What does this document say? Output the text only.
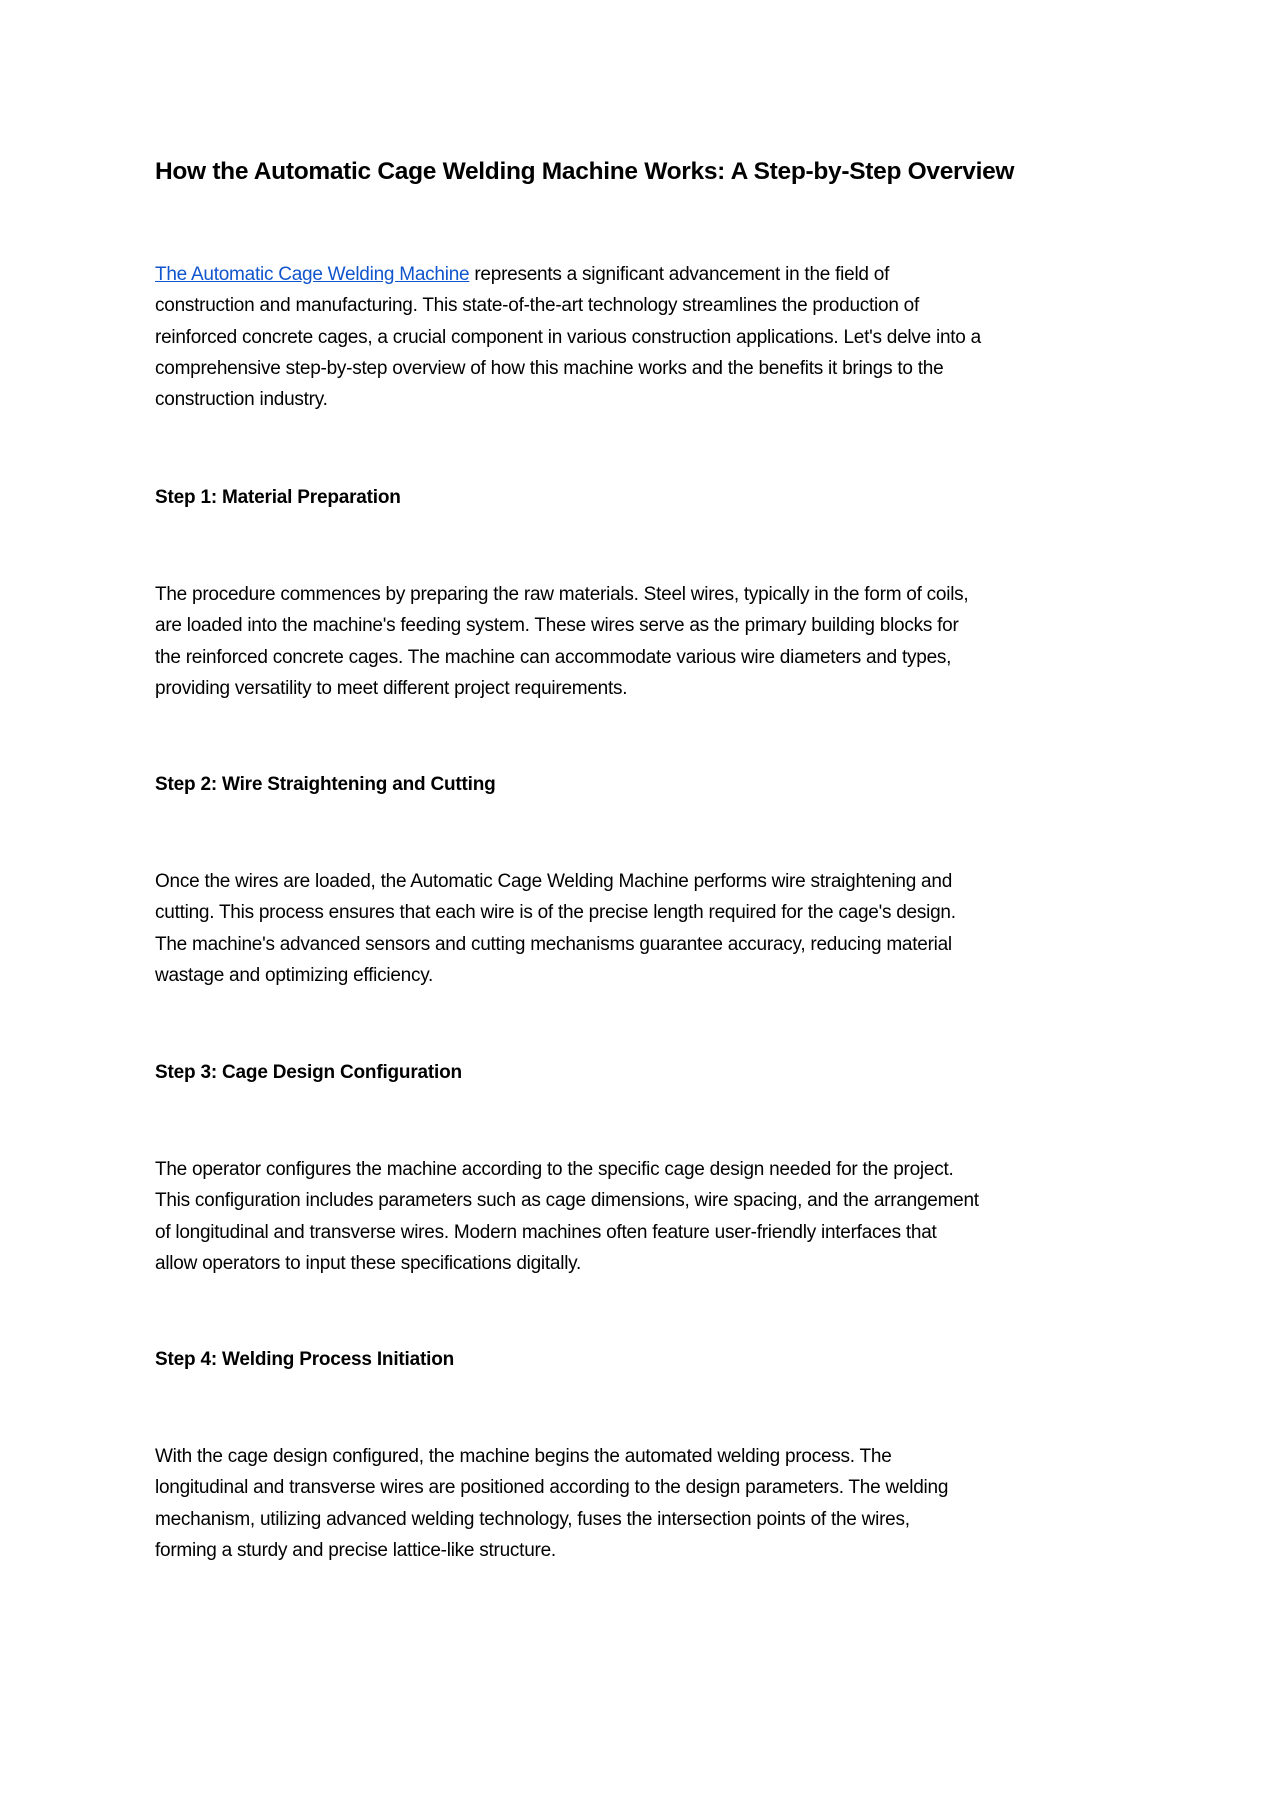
How the Automatic Cage Welding Machine Works: A Step-by-Step Overview

The Automatic Cage Welding Machine represents a significant advancement in the field of
construction and manufacturing. This state-of-the-art technology streamlines the production of
reinforced concrete cages, a crucial component in various construction applications. Let's delve into a
comprehensive step-by-step overview of how this machine works and the benefits it brings to the
construction industry.

Step 1: Material Preparation

The procedure commences by preparing the raw materials. Steel wires, typically in the form of coils,
are loaded into the machine's feeding system. These wires serve as the primary building blocks for
the reinforced concrete cages. The machine can accommodate various wire diameters and types,
providing versatility to meet different project requirements.

Step 2: Wire Straightening and Cutting

Once the wires are loaded, the Automatic Cage Welding Machine performs wire straightening and
cutting. This process ensures that each wire is of the precise length required for the cage's design.
The machine's advanced sensors and cutting mechanisms guarantee accuracy, reducing material
wastage and optimizing efficiency.

Step 3: Cage Design Configuration

The operator configures the machine according to the specific cage design needed for the project.
This configuration includes parameters such as cage dimensions, wire spacing, and the arrangement
of longitudinal and transverse wires. Modern machines often feature user-friendly interfaces that
allow operators to input these specifications digitally.

Step 4: Welding Process Initiation

With the cage design configured, the machine begins the automated welding process. The
longitudinal and transverse wires are positioned according to the design parameters. The welding
mechanism, utilizing advanced welding technology, fuses the intersection points of the wires,
forming a sturdy and precise lattice-like structure.
